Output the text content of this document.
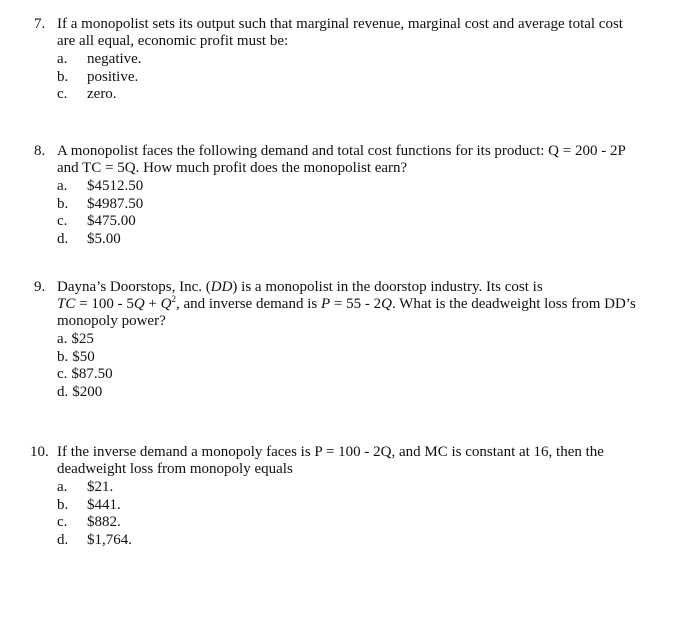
7. If a monopolist sets its output such that marginal revenue, marginal cost and average total cost
are all equal, economic profit must be:
a.	negative.
b.	positive.
c.	zero.
8. A monopolist faces the following demand and total cost functions for its product: Q = 200 - 2P
and TC = 5Q. How much profit does the monopolist earn?
a.	$4512.50
b.	$4987.50
c.	$475.00
d.	$5.00
9. Dayna’s Doorstops, Inc. (DD) is a monopolist in the doorstop industry. Its cost is
TC = $100 - 5Q + Q^2$, and inverse demand is P = 55 - 2Q. What is the deadweight loss from DD’s
monopoly power?
a. $25
b. $50
c. $87.50
d. $200
10. If the inverse demand a monopoly faces is P = 100 - 2Q, and MC is constant at 16, then the
deadweight loss from monopoly equals
a.	$21.
b.	$441.
c.	$882.
d.	$1,764.
